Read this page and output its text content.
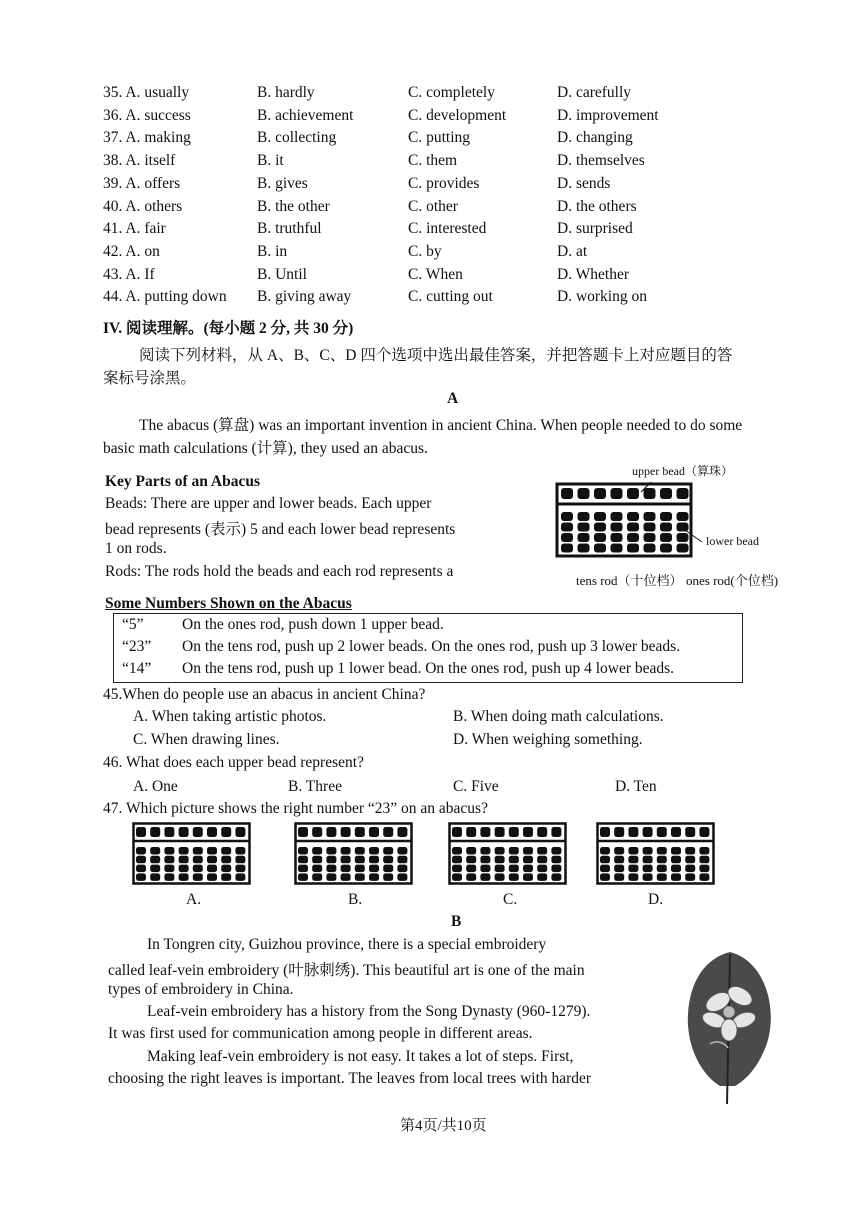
35. A. usually	B. hardly	C. completely	D. carefully
36. A. success	B. achievement	C. development	D. improvement
37. A. making	B. collecting	C. putting	D. changing
38. A. itself	B. it	C. them	D. themselves
39. A. offers	B. gives	C. provides	D. sends
40. A. others	B. the other	C. other	D. the others
41. A. fair	B. truthful	C. interested	D. surprised
42. A. on	B. in	C. by	D. at
43. A. If	B. Until	C. When	D. Whether
44. A. putting down B. giving away	C. cutting out	D. working on
IV. 阅读理解。(每小题 2 分, 共 30 分)
阅读下列材料，从 A、B、C、D 四个选项中选出最佳答案，并把答题卡上对应题目的答
案标号涂黑。
A
The abacus (算盘) was an important invention in ancient China. When people needed to do some
basic math calculations (计算), they used an abacus.
Key Parts of an Abacus
Beads: There are upper and lower beads. Each upper
bead represents (表示) 5 and each lower bead represents
1 on rods.
Rods: The rods hold the beads and each rod represents a
upper bead（算珠）
lower bead
tens rod（十位档） ones rod(个位档)
Some Numbers Shown on the Abacus
“5” On the ones rod, push down 1 upper bead.
“23” On the tens rod, push up 2 lower beads. On the ones rod, push up 3 lower beads.
“14” On the tens rod, push up 1 lower bead. On the ones rod, push up 4 lower beads.
45.When do people use an abacus in ancient China?
A. When taking artistic photos.	B. When doing math calculations.
C. When drawing lines.	D. When weighing something.
46. What does each upper bead represent?
A. One	B. Three	C. Five	D. Ten
47. Which picture shows the right number “23” on an abacus?
A.	B.	C.	D.
B
In Tongren city, Guizhou province, there is a special embroidery
called leaf-vein embroidery (叶脉刺绣). This beautiful art is one of the main
types of embroidery in China.
Leaf-vein embroidery has a history from the Song Dynasty (960-1279).
It was first used for communication among people in different areas.
Making leaf-vein embroidery is not easy. It takes a lot of steps. First,
choosing the right leaves is important. The leaves from local trees with harder
第4页/共10页
